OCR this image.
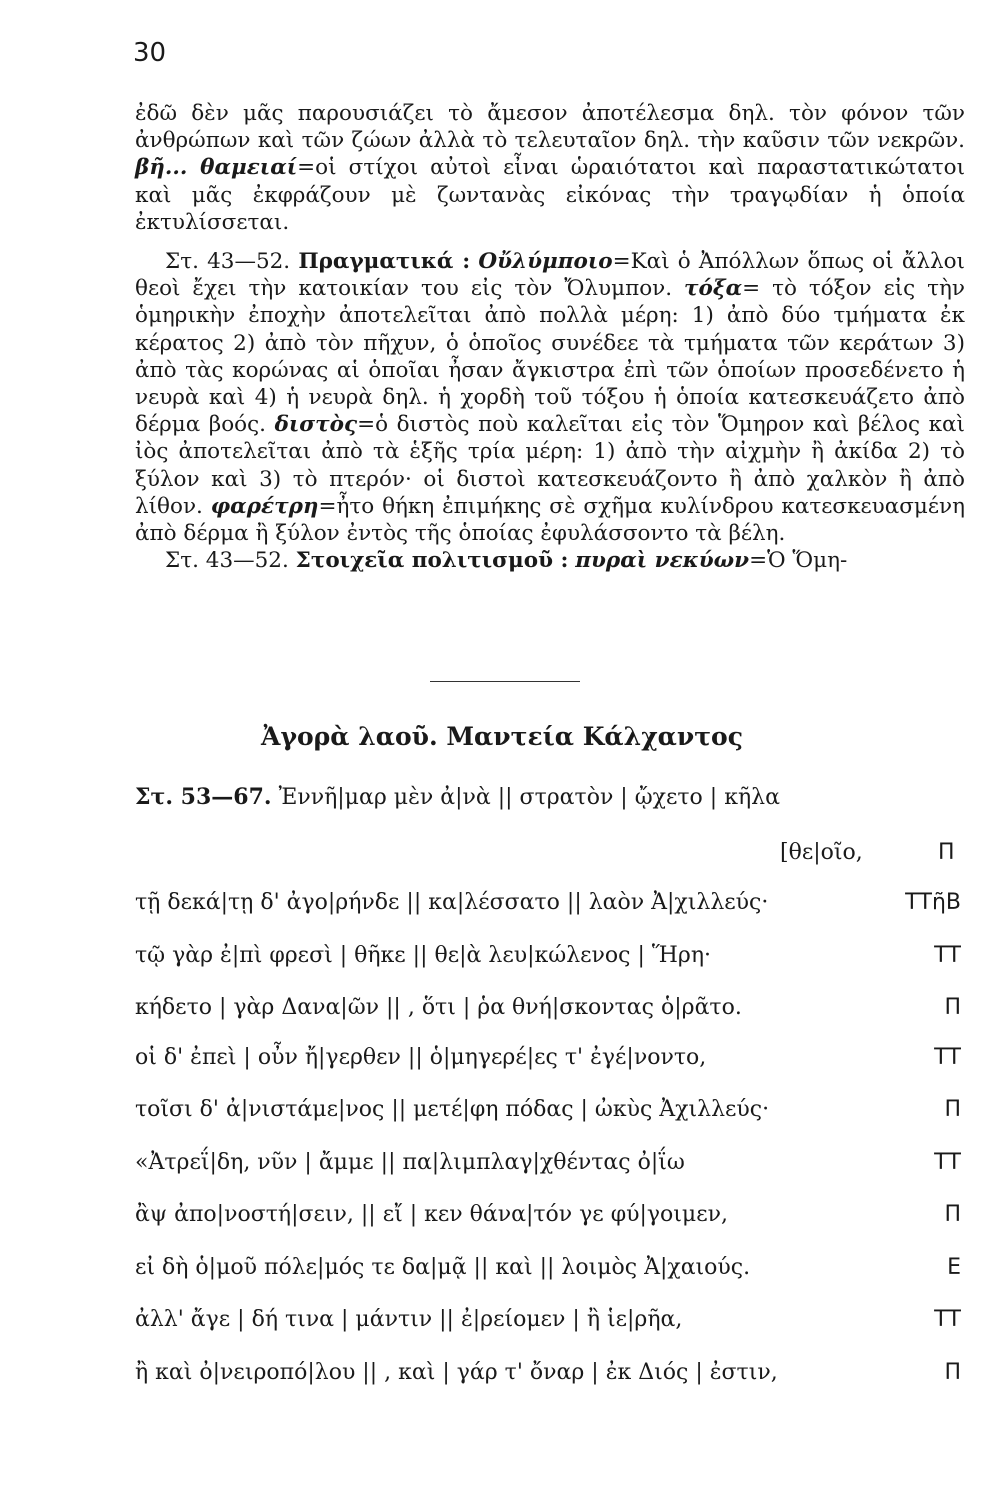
30

ἐδῶ δὲν μᾶς παρουσιάζει τὸ ἄμεσον ἀποτέλεσμα δηλ. τὸν φόνον τῶν ἀνθρώπων καὶ τῶν ζώων ἀλλὰ τὸ τελευταῖον δηλ. τὴν καῦσιν τῶν νεκρῶν. βῆ... θαμειαί=οἱ στίχοι αὐτοὶ εἶναι ὡραιότατοι καὶ παραστατικώτατοι καὶ μᾶς ἐκφράζουν μὲ ζωντανὰς εἰκόνας τὴν τραγῳδίαν ἡ ὁποία ἐκτυλίσσεται.

Στ. 43—52. Πραγματικά : Οὔλύμποιο=Καὶ ὁ Ἀπόλλων ὅπως οἱ ἄλλοι θεοὶ ἔχει τὴν κατοικίαν του εἰς τὸν Ὄλυμπον. τόξα= τὸ τόξον εἰς τὴν ὁμηρικὴν ἐποχὴν ἀποτελεῖται ἀπὸ πολλὰ μέρη: 1) ἀπὸ δύο τμήματα ἐκ κέρατος 2) ἀπὸ τὸν πῆχυν, ὁ ὁποῖος συνέδεε τὰ τμήματα τῶν κεράτων 3) ἀπὸ τὰς κορώνας αἱ ὁποῖαι ἦσαν ἄγκιστρα ἐπὶ τῶν ὁποίων προσεδένετο ἡ νευρὰ καὶ 4) ἡ νευρὰ δηλ. ἡ χορδὴ τοῦ τόξου ἡ ὁποία κατεσκευάζετο ἀπὸ δέρμα βοός. διστὸς=ὁ διστὸς ποὺ καλεῖται εἰς τὸν Ὅμηρον καὶ βέλος καὶ ἰὸς ἀποτελεῖται ἀπὸ τὰ ἑξῆς τρία μέρη: 1) ἀπὸ τὴν αἰχμὴν ἢ ἀκίδα 2) τὸ ξύλον καὶ 3) τὸ πτερόν· οἱ διστοὶ κατεσκευάζοντο ἢ ἀπὸ χαλκὸν ἢ ἀπὸ λίθον. φαρέτρη=ἦτο θήκη ἐπιμήκης σὲ σχῆμα κυλίνδρου κατεσκευασμένη ἀπὸ δέρμα ἢ ξύλον ἐντὸς τῆς ὁποίας ἐφυλάσσοντο τὰ βέλη.

Στ. 43—52. Στοιχεῖα πολιτισμοῦ : πυραὶ νεκύων=Ὁ Ὅμη-

Ἀγορὰ λαοῦ. Μαντεία Κάλχαντος
Στ. 53—67. Ἐννῆ|μαρ μὲν ἀ|νὰ || στρατὸν | ᾤχετο | κῆλα
[θε|οῖο,	Π
τῇ δεκά|τῃ δ' ἀγο|ρήνδε || κα|λέσσατο || λαὸν Ἀ|χιλλεύς·	ΤΤῆΒ
τῷ γὰρ ἐ|πὶ φρεσὶ | θῆκε || θε|ὰ λευ|κώλενος | Ἥρη·	ΤΤ
κήδετο | γὰρ Δανα|ῶν || , ὅτι | ῥα θνή|σκοντας ὁ|ρᾶτο.	Π
οἱ δ' ἐπεὶ | οὖν ἤ|γερθεν || ὁ|μηγερέ|ες τ' ἐγέ|νοντο,	ΤΤ
τοῖσι δ' ἀ|νιστάμε|νος || μετέ|φη πόδας | ὠκὺς Ἀχιλλεύς·	Π
«Ἀτρεΐ|δη, νῦν | ἄμμε || πα|λιμπλαγ|χθέντας ὀ|ΐω	ΤΤ
ἂψ ἀπο|νοστή|σειν, || εἴ | κεν θάνα|τόν γε φύ|γοιμεν,	Π
εἰ δὴ ὁ|μοῦ πόλε|μός τε δα|μᾷ || καὶ || λοιμὸς Ἀ|χαιούς.	Ε
ἀλλ' ἄγε | δή τινα | μάντιν || ἐ|ρείομεν | ἢ ἱε|ρῆα,	ΤΤ
ἢ καὶ ὀ|νειροπό|λου || , καὶ | γάρ τ' ὄναρ | ἐκ Διός | ἐστιν,	Π
